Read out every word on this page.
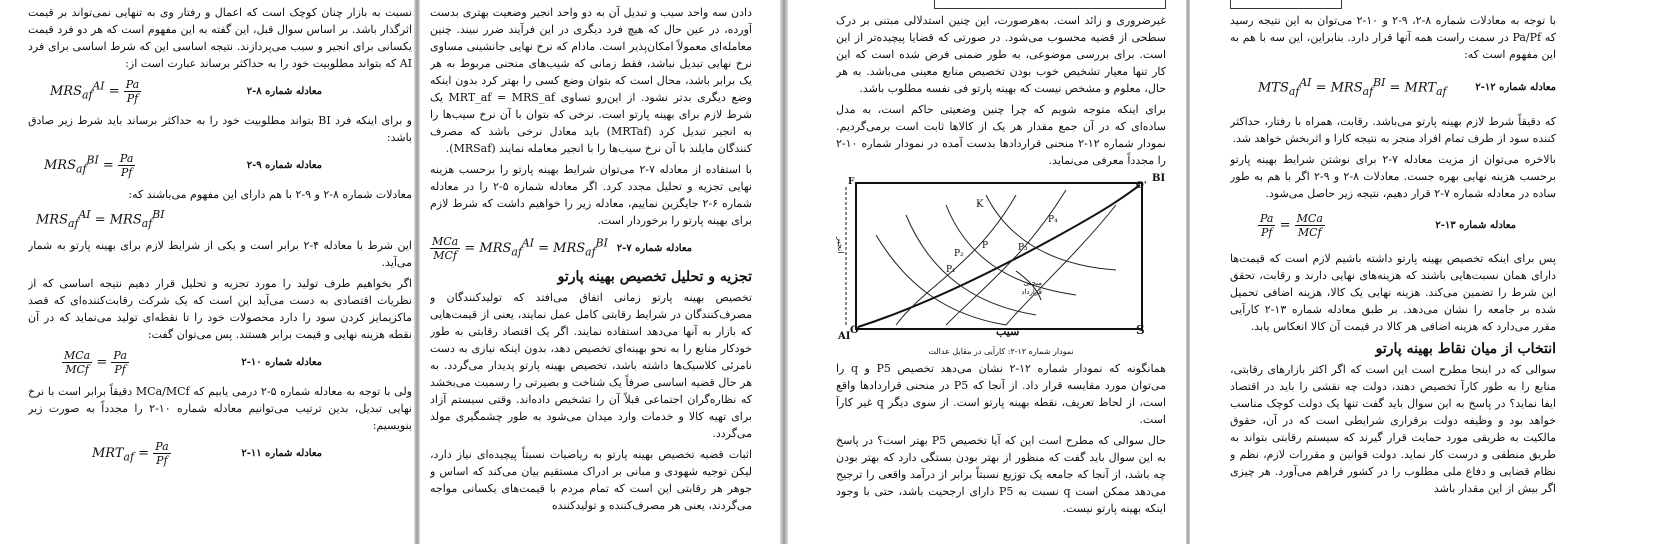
نسبت به بازار چنان کوچک است که اعمال و رفتار وی به تنهایی نمی‌تواند بر قیمت اثرگذار باشد. بر اساس سوال قبل، این گفته به این مفهوم است که هر دو فرد قیمت یکسانی برای انجیر و سیب می‌پردازند. نتیجه اساسی این که شرط اساسی برای فرد AI که بتواند مطلوبیت خود را به حداکثر برساند عبارت است از:

$MRS_{af}^{AI} = \frac{Pa}{Pf}$	معادله شماره ۸-۲

و برای اینکه فرد BI بتواند مطلوبیت خود را به حداکثر برساند باید شرط زیر صادق باشد:

$MRS_{af}^{BI} = \frac{Pa}{Pf}$	معادله شماره ۹-۲

معادلات شماره ۸-۲ و ۹-۲ با هم دارای این مفهوم می‌باشند که:

$MRS_{af}^{AI} = MRS_{af}^{BI}$

این شرط با معادله ۴-۲ برابر است و یکی از شرایط لازم برای بهینه پارتو به شمار می‌آید.

اگر بخواهیم طرف تولید را مورد تجزیه و تحلیل قرار دهیم نتیجه اساسی که از نظریات اقتصادی به دست می‌آید این است که یک شرکت رقابت‌کننده‌ای که قصد ماکزیمایز کردن سود را دارد محصولات خود را تا نقطه‌ای تولید می‌نماید که در آن نقطه هزینه نهایی و قیمت برابر هستند. پس می‌توان گفت:

$\frac{\text{MCa}}{\text{MCf}} = \frac{Pa}{Pf}$	معادله شماره ۱۰-۲

ولی با توجه به معادله شماره ۵-۲ درمی یابیم که MCa/MCf دقیقاً برابر است با نرخ نهایی تبدیل، بدین ترتیب می‌توانیم معادله شماره ۱۰-۲ را مجدداً به صورت زیر بنویسیم:

$MRT_{af} = \frac{Pa}{Pf}$	معادله شماره ۱۱-۲

دادن سه واحد سیب و تبدیل آن به دو واحد انجیر وضعیت بهتری بدست آورده، در عین حال که هیچ فرد دیگری در این فرآیند ضرر نبیند. چنین معامله‌ای معمولاً امکان‌پذیر است. مادام که نرخ نهایی جانشینی مساوی نرخ نهایی تبدیل نباشد، فقط زمانی که شیب‌های منحنی مربوط به هر یک برابر باشد، محال است که بتوان وضع کسی را بهتر کرد بدون اینکه وضع دیگری بدتر نشود. از این‌رو تساوی MRT_af = MRS_af یک شرط لازم برای بهینه پارتو است. نرخی که بتوان با آن نرخ سیب‌ها را به انجیر تبدیل کرد (MRTaf) باید معادل نرخی باشد که مصرف کنندگان مایلند با آن نرخ سیب‌ها را با انجیر معامله نمایند (MRSaf).

با استفاده از معادله ۷-۲ می‌توان شرایط بهینه پارتو را برحسب هزینه نهایی تجزیه و تحلیل مجدد کرد. اگر معادله شماره ۵-۲ را در معادله شماره ۶-۲ جایگزین نماییم، معادله زیر را خواهیم داشت که شرط لازم برای بهینه پارتو را برخوردار است.

$\frac{\text{MCa}}{\text{MCf}} = MRS_{af}^{AI} = MRS_{af}^{BI}$ معادله شماره ۷-۲
تجزیه و تحلیل تخصیص بهینه پارتو

تخصیص بهینه پارتو زمانی اتفاق می‌افتد که تولیدکنندگان و مصرف‌کنندگان در شرایط رقابتی کامل عمل نمایند، یعنی از قیمت‌هایی که بازار به آنها می‌دهد استفاده نمایند. اگر یک اقتصاد رقابتی به طور خودکار منابع را به نحو بهینه‌ای تخصیص دهد، بدون اینکه نیازی به دست نامرئی کلاسیک‌ها داشته باشد، تخصیص بهینه پارتو پدیدار می‌گردد. به هر حال قضیه اساسی صرفاً یک شناخت و بصیرتی را رسمیت می‌بخشد که نظاره‌گران اجتماعی قبلاً آن را تشخیص داده‌اند. وقتی سیستم آزاد برای تهیه کالا و خدمات وارد میدان می‌شود به طور چشمگیری مولد می‌گردد.

اثبات قضیه تخصیص بهینه پارتو به ریاضیات نسبتاً پیچیده‌ای نیاز دارد، لیکن توجیه شهودی و مبانی بر ادراک مستقیم بیان می‌کند که اساس و جوهر هر رقابتی این است که تمام مردم با قیمت‌های یکسانی مواجه می‌گردند، یعنی هر مصرف‌کننده و تولیدکننده

غیرضروری و زائد است. به‌هرصورت، این چنین استدلالی مبتنی بر درک سطحی از قضیه محسوب می‌شود. در صورتی که قضایا پیچیده‌تر از این است. برای بررسی موضوعی، به طور ضمنی فرض شده است که این کار تنها معیار تشخیص خوب بودن تخصیص منابع معینی می‌باشد. به هر حال، معلوم و مشخص نیست که بهینه پارتو فی نفسه مطلوب باشد.

برای اینکه متوجه شویم که چرا چنین وضعیتی حاکم است، به مدل ساده‌ای که در آن جمع مقدار هر یک از کالاها ثابت است برمی‌گردیم. نمودار شماره ۱۲-۲ منحنی قراردادها بدست آمده در نمودار شماره ۱۰-۲ را مجدداً معرفی می‌نماید.

BI
O'
O
AI	S
F
سیب
انجیر
K
P
P₁
P₂
P₃
P₄
منحنی قرارداد
نمودار شماره ۱۲-۲: کارآیی در مقابل عدالت

همانگونه که نمودار شماره ۱۲-۲ نشان می‌دهد تخصیص P5 و q را می‌توان مورد مقایسه قرار داد. از آنجا که P5 در منحنی قراردادها واقع است، از لحاظ تعریف، نقطه بهینه پارتو است. از سوی دیگر q غیر کارآ است.

حال سوالی که مطرح است این که آیا تخصیص P5 بهتر است؟ در پاسخ به این سوال باید گفت که منظور از بهتر بودن بستگی دارد که بهتر بودن چه باشد، از آنجا که جامعه یک توزیع نسبتاً برابر از درآمد واقعی را ترجیح می‌دهد ممکن است q نسبت به P5 دارای ارجحیت باشد، حتی با وجود اینکه بهینه پارتو نیست.

با توجه به معادلات شماره ۸-۲، ۹-۲ و ۱۰-۲ می‌توان به این نتیجه رسید که Pa/Pf در سمت راست همه آنها قرار دارد. بنابراین، این سه با هم به این مفهوم است که:

$MTS_{af}^{AI} = MRS_{af}^{BI} = MRT_{af}$	معادله شماره ۱۲-۲

که دقیقاً شرط لازم بهینه پارتو می‌باشد. رقابت، همراه با رفتار، حداکثر کننده سود از طرف تمام افراد منجر به نتیجه کارا و اثربخش خواهد شد.

بالاخره می‌توان از مزیت معادله ۷-۲ برای نوشتن شرایط بهینه پارتو برحسب هزینه نهایی بهره جست. معادلات ۸-۲ و ۹-۲ اگر با هم به طور ساده در معادله شماره ۷-۲ قرار دهیم، نتیجه زیر حاصل می‌شود.

$\frac{Pa}{Pf} = \frac{\text{MCa}}{\text{MCf}}$	معادله شماره ۱۳-۲

پس برای اینکه تخصیص بهینه پارتو داشته باشیم لازم است که قیمت‌ها دارای همان نسبت‌هایی باشند که هزینه‌های نهایی دارند و رقابت، تحقق این شرط را تضمین می‌کند. هزینه نهایی یک کالا، هزینه اضافی تحمیل شده بر جامعه را نشان می‌دهد. بر طبق معادله شماره ۱۳-۲ کارآیی مقرر می‌دارد که هزینه اضافی هر کالا در قیمت آن کالا انعکاس یابد.

انتخاب از میان نقاط بهینه پارتو

سوالی که در اینجا مطرح است این است که اگر اکثر بازارهای رقابتی، منابع را به طور کارآ تخصیص دهند، دولت چه نقشی را باید در اقتصاد ایفا نماید؟ در پاسخ به این سوال باید گفت تنها یک دولت کوچک مناسب خواهد بود و وظیفه دولت برقراری شرایطی است که در آن، حقوق مالکیت به طریقی مورد حمایت قرار گیرند که سیستم رقابتی بتواند به طریق منطقی و درست کار نماید. دولت قوانین و مقررات لازم، نظم و نظام قضایی و دفاع ملی مطلوب را در کشور فراهم می‌آورد. هر چیزی اگر بیش از این مقدار باشد
